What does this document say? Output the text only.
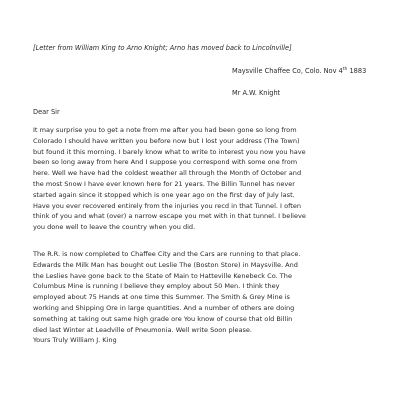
[Letter from William King to Arno Knight; Arno has moved back to Lincolnville]
Maysville Chaffee Co, Colo. Nov 4th 1883
Mr A.W. Knight
Dear Sir
It may surprise you to get a note from me after you had been gone so long from
Colorado I should have written you before now but I lost your address (The Town)
but found it this morning. I barely know what to write to interest you now you have
been so long away from here And I suppose you correspond with some one from
here. Well we have had the coldest weather all through the Month of October and
the most Snow I have ever known here for 21 years. The Billin Tunnel has never
started again since it stopped which is one year ago on the first day of July last.
Have you ever recovered entirely from the injuries you recd in that Tunnel. I often
think of you and what (over) a narrow escape you met with in that tunnel. I believe
you done well to leave the country when you did.
The R.R. is now completed to Chaffee City and the Cars are running to that place.
Edwards the Milk Man has bought out Leslie The (Boston Store) in Maysville. And
the Leslies have gone back to the State of Main to Hatteville Kenebeck Co. The
Columbus Mine is running I believe they employ about 50 Men. I think they
employed about 75 Hands at one time this Summer. The Smith & Grey Mine is
working and Shipping Ore in large quantities. And a number of others are doing
something at taking out same high grade ore You know of course that old Billin
died last Winter at Leadville of Pneumonia. Well write Soon please.
Yours Truly William J. King
